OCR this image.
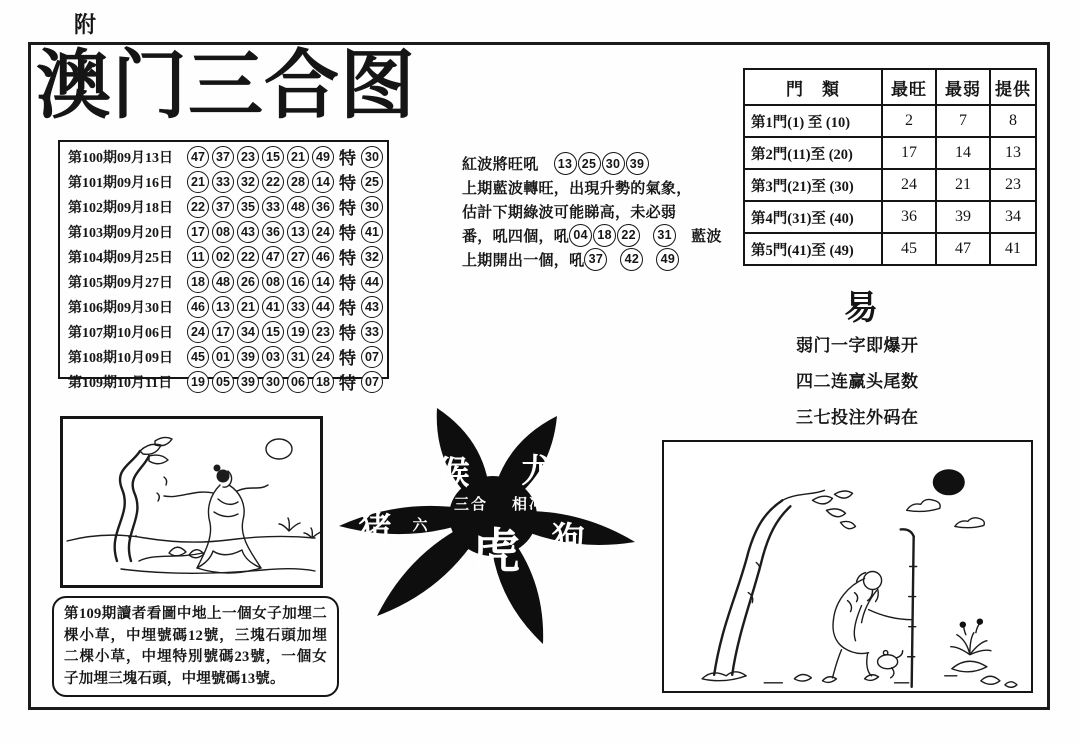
附
澳门三合图
第100期09月13日	47 37 23 15 21 49 特 30
第101期09月16日	21 33 32 22 28 14 特 25
第102期09月18日	22 37 35 33 48 36 特 30
第103期09月20日	17 08 43 36 13 24 特 41
第104期09月25日	11 02 22 47 27 46 特 32
第105期09月27日	18 48 26 08 16 14 特 44
第106期09月30日	46 13 21 41 33 44 特 43
第107期10月06日	24 17 34 15 19 23 特 33
第108期10月09日	45 01 39 03 31 24 特 07
第109期10月11日	19 05 39 30 06 18 特 07
紅波將旺吼	13 25 30 39
上期藍波轉旺，出現升勢的氣象，
估計下期綠波可能睇高，未必弱
番，吼四個，吼 04 18 22	31 藍波
上期開出一個，吼 37	42	49
門　類	最旺	最弱	提供
第1門(1) 至 (10)	2	7	8
第2門(11)至 (20)	17	14	13
第3門(21)至 (30)	24	21	23
第4門(31)至 (40)	36	39	34
第5門(41)至 (49)	45	47	41
易
弱门一字即爆开
四二连赢头尾数
三七投注外码在

第109期讀者看圖中地上一個女子加埋二棵小草，中埋號碼12號，三塊石頭加埋二棵小草，中埋特別號碼23號，一個女子加埋三塊石頭，中埋號碼13號。

猴 龙
三合 相冲
猪 六
合 虎 狗
